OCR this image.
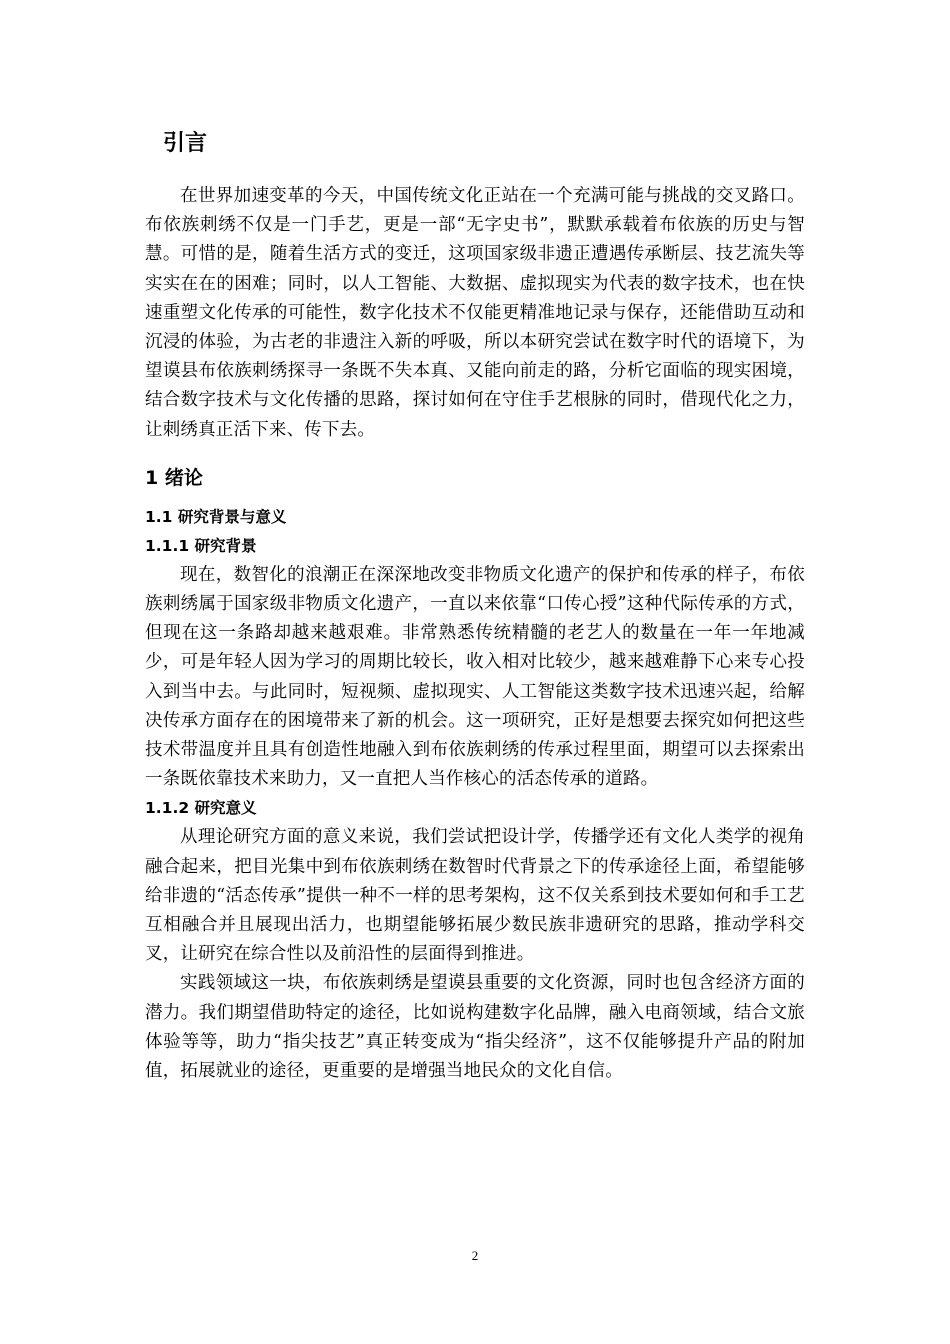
引言

在世界加速变革的今天，中国传统文化正站在一个充满可能与挑战的交叉路口。布依族刺绣不仅是一门手艺，更是一部“无字史书”，默默承载着布依族的历史与智慧。可惜的是，随着生活方式的变迁，这项国家级非遗正遭遇传承断层、技艺流失等实实在在的困难；同时，以人工智能、大数据、虚拟现实为代表的数字技术，也在快速重塑文化传承的可能性，数字化技术不仅能更精准地记录与保存，还能借助互动和沉浸的体验，为古老的非遗注入新的呼吸，所以本研究尝试在数字时代的语境下，为望谟县布依族刺绣探寻一条既不失本真、又能向前走的路，分析它面临的现实困境，结合数字技术与文化传播的思路，探讨如何在守住手艺根脉的同时，借现代化之力，让刺绣真正活下来、传下去。

1 绪论
1.1 研究背景与意义
1.1.1 研究背景

现在，数智化的浪潮正在深深地改变非物质文化遗产的保护和传承的样子，布依族刺绣属于国家级非物质文化遗产，一直以来依靠“口传心授”这种代际传承的方式，但现在这一条路却越来越艰难。非常熟悉传统精髓的老艺人的数量在一年一年地减少，可是年轻人因为学习的周期比较长，收入相对比较少，越来越难静下心来专心投入到当中去。与此同时，短视频、虚拟现实、人工智能这类数字技术迅速兴起，给解决传承方面存在的困境带来了新的机会。这一项研究，正好是想要去探究如何把这些技术带温度并且具有创造性地融入到布依族刺绣的传承过程里面，期望可以去探索出一条既依靠技术来助力，又一直把人当作核心的活态传承的道路。

1.1.2 研究意义

从理论研究方面的意义来说，我们尝试把设计学，传播学还有文化人类学的视角融合起来，把目光集中到布依族刺绣在数智时代背景之下的传承途径上面，希望能够给非遗的“活态传承”提供一种不一样的思考架构，这不仅关系到技术要如何和手工艺互相融合并且展现出活力，也期望能够拓展少数民族非遗研究的思路，推动学科交叉，让研究在综合性以及前沿性的层面得到推进。

实践领域这一块，布依族刺绣是望谟县重要的文化资源，同时也包含经济方面的潜力。我们期望借助特定的途径，比如说构建数字化品牌，融入电商领域，结合文旅体验等等，助力“指尖技艺”真正转变成为“指尖经济”，这不仅能够提升产品的附加值，拓展就业的途径，更重要的是增强当地民众的文化自信。

2
